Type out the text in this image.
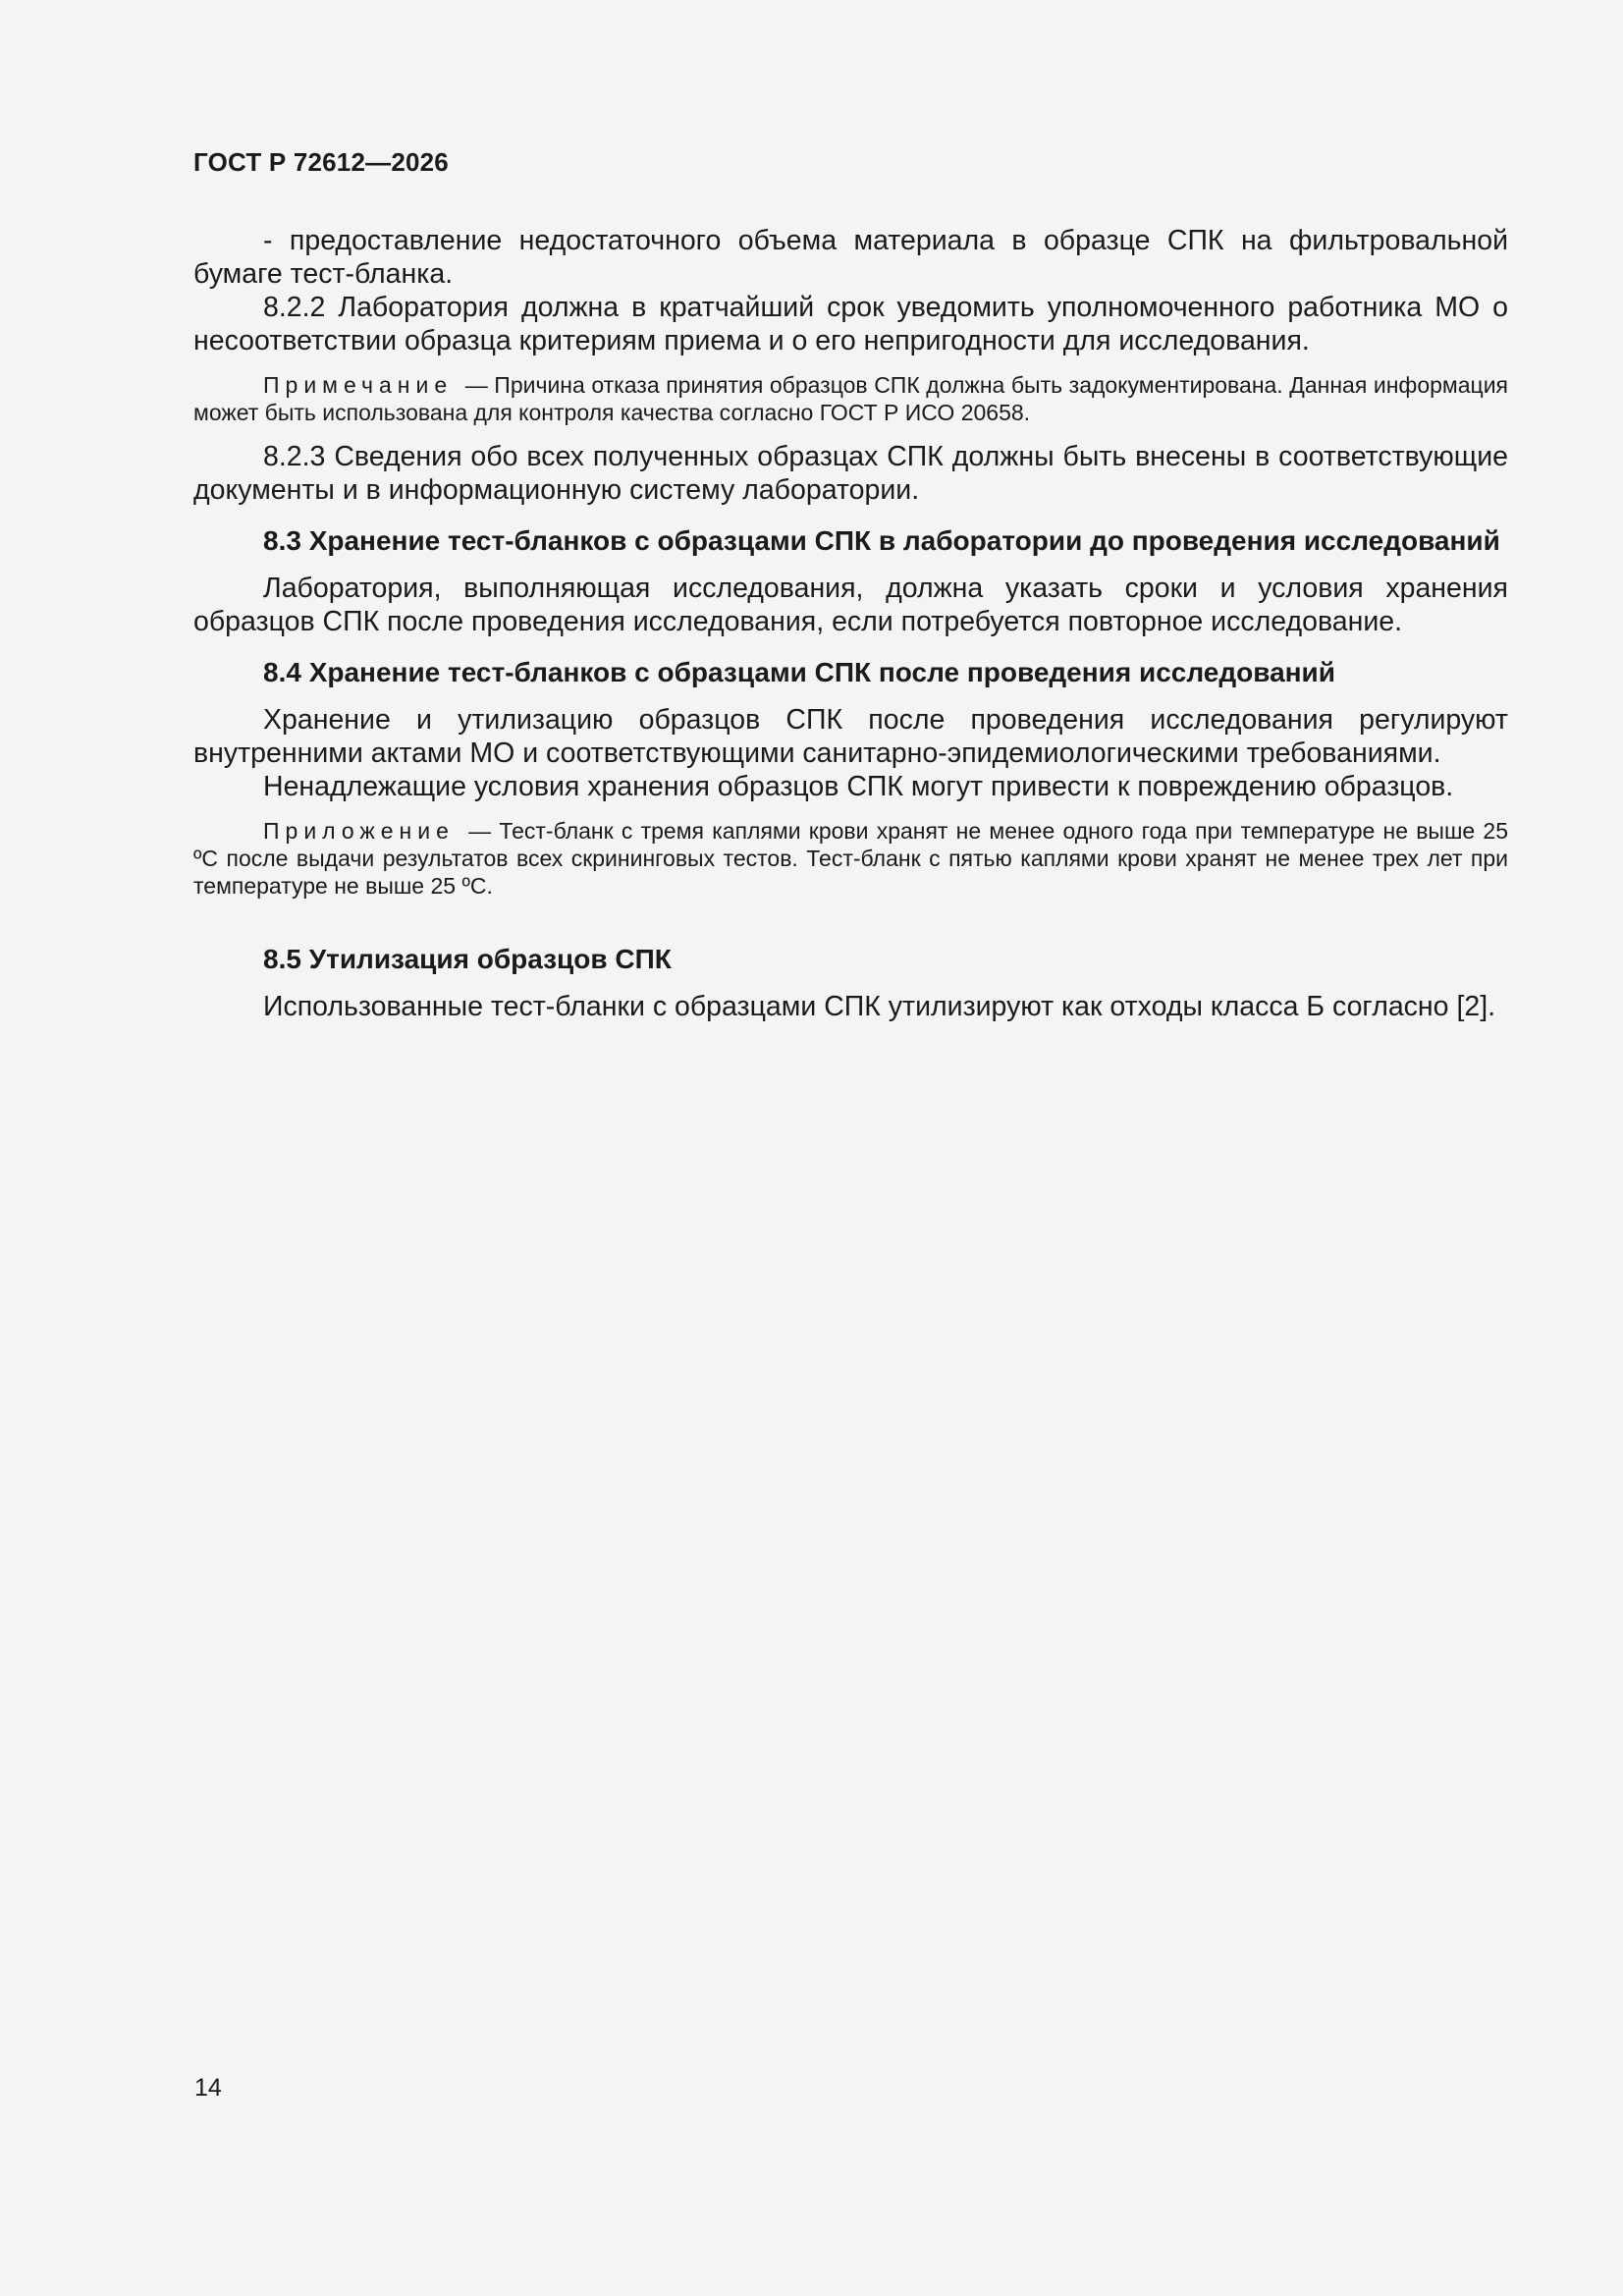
ГОСТ Р 72612—2026

- предоставление недостаточного объема материала в образце СПК на фильтровальной бумаге тест-бланка.

8.2.2 Лаборатория должна в кратчайший срок уведомить уполномоченного работника МО о несоответствии образца критериям приема и о его непригодности для исследования.

Примечание — Причина отказа принятия образцов СПК должна быть задокументирована. Данная информация может быть использована для контроля качества согласно ГОСТ Р ИСО 20658.

8.2.3 Сведения обо всех полученных образцах СПК должны быть внесены в соответствующие документы и в информационную систему лаборатории.

8.3 Хранение тест-бланков с образцами СПК в лаборатории до проведения исследований

Лаборатория, выполняющая исследования, должна указать сроки и условия хранения образцов СПК после проведения исследования, если потребуется повторное исследование.

8.4 Хранение тест-бланков с образцами СПК после проведения исследований

Хранение и утилизацию образцов СПК после проведения исследования регулируют внутренними актами МО и соответствующими санитарно-эпидемиологическими требованиями.

Ненадлежащие условия хранения образцов СПК могут привести к повреждению образцов.

Приложение — Тест-бланк с тремя каплями крови хранят не менее одного года при температуре не выше 25 ºС после выдачи результатов всех скрининговых тестов. Тест-бланк с пятью каплями крови хранят не менее трех лет при температуре не выше 25 ºС.

8.5 Утилизация образцов СПК

Использованные тест-бланки с образцами СПК утилизируют как отходы класса Б согласно [2].

14
